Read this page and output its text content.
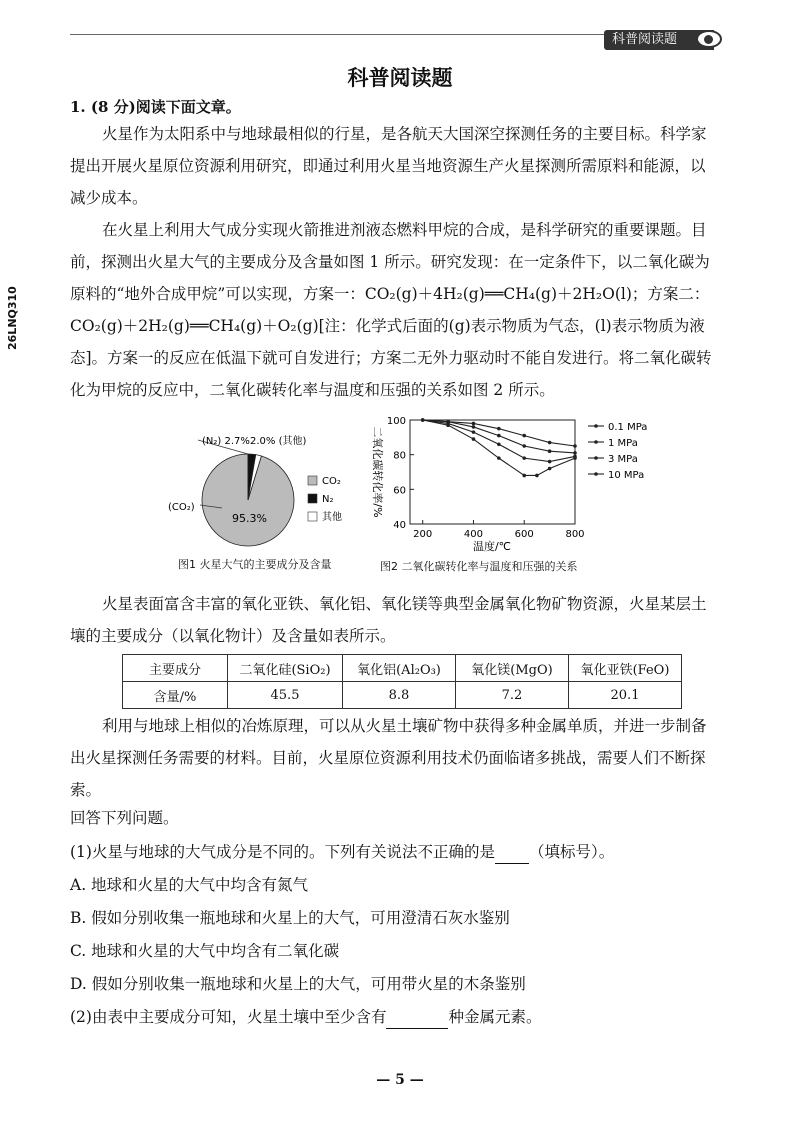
科普阅读题
26LNQ310
科普阅读题
1. (8 分)阅读下面文章。

火星作为太阳系中与地球最相似的行星，是各航天大国深空探测任务的主要目标。科学家提出开展火星原位资源利用研究，即通过利用火星当地资源生产火星探测所需原料和能源，以减少成本。

在火星上利用大气成分实现火箭推进剂液态燃料甲烷的合成，是科学研究的重要课题。目前，探测出火星大气的主要成分及含量如图 1 所示。研究发现：在一定条件下，以二氧化碳为原料的“地外合成甲烷”可以实现，方案一：CO₂(g)＋4H₂(g)══CH₄(g)＋2H₂O(l)；方案二：CO₂(g)＋2H₂(g)══CH₄(g)＋O₂(g)[注：化学式后面的(g)表示物质为气态，(l)表示物质为液态]。方案一的反应在低温下就可自发进行；方案二无外力驱动时不能自发进行。将二氧化碳转化为甲烷的反应中，二氧化碳转化率与温度和压强的关系如图 2 所示。

(N₂) 2.7% 2.0% (其他)
(CO₂)
95.3%
CO₂
N₂
其他
图1 火星大气的主要成分及含量
40
60
80
100
200	400	600	800
0.1 MPa
1 MPa
3 MPa
10 MPa
温度/℃
二氧化碳转化率/%
图2 二氧化碳转化率与温度和压强的关系

火星表面富含丰富的氧化亚铁、氧化铝、氧化镁等典型金属氧化物矿物资源，火星某层土壤的主要成分（以氧化物计）及含量如表所示。

主要成分	二氧化硅(SiO₂)	氧化铝(Al₂O₃)	氧化镁(MgO)	氧化亚铁(FeO)
含量/%	45.5	8.8	7.2	20.1

利用与地球上相似的冶炼原理，可以从火星土壤矿物中获得多种金属单质，并进一步制备出火星探测任务需要的材料。目前，火星原位资源利用技术仍面临诸多挑战，需要人们不断探索。

回答下列问题。

(1)火星与地球的大气成分是不同的。下列有关说法不正确的是 （填标号）。

A. 地球和火星的大气中均含有氮气

B. 假如分别收集一瓶地球和火星上的大气，可用澄清石灰水鉴别

C. 地球和火星的大气中均含有二氧化碳

D. 假如分别收集一瓶地球和火星上的大气，可用带火星的木条鉴别

(2)由表中主要成分可知，火星土壤中至少含有	种金属元素。

— 5 —
